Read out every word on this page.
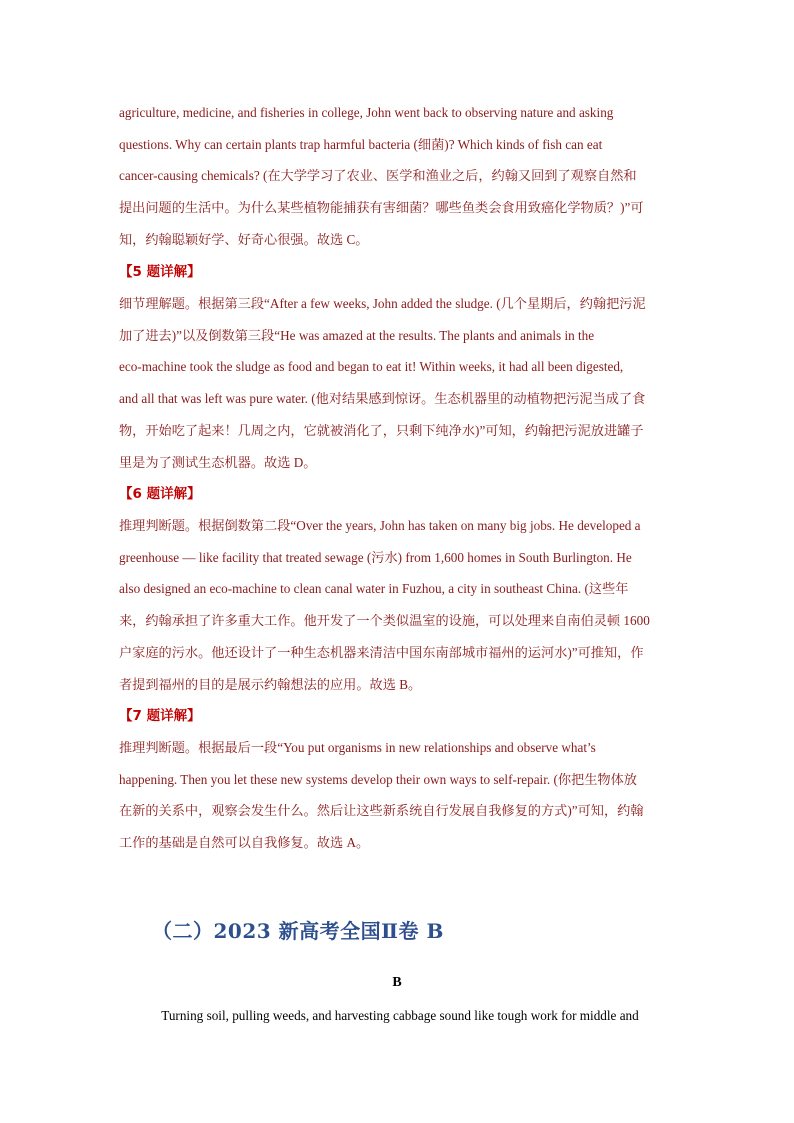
agriculture, medicine, and fisheries in college, John went back to observing nature and asking

questions. Why can certain plants trap harmful bacteria (细菌)? Which kinds of fish can eat

cancer-causing chemicals? (在大学学习了农业、医学和渔业之后，约翰又回到了观察自然和

提出问题的生活中。为什么某些植物能捕获有害细菌？哪些鱼类会食用致癌化学物质？)”可

知，约翰聪颖好学、好奇心很强。故选 C。

【5 题详解】

细节理解题。根据第三段“After a few weeks, John added the sludge. (几个星期后，约翰把污泥

加了进去)”以及倒数第三段“He was amazed at the results. The plants and animals in the

eco-machine took the sludge as food and began to eat it! Within weeks, it had all been digested,

and all that was left was pure water. (他对结果感到惊讶。生态机器里的动植物把污泥当成了食

物，开始吃了起来！几周之内，它就被消化了，只剩下纯净水)”可知，约翰把污泥放进罐子

里是为了测试生态机器。故选 D。

【6 题详解】

推理判断题。根据倒数第二段“Over the years, John has taken on many big jobs. He developed a

greenhouse — like facility that treated sewage (污水) from 1,600 homes in South Burlington. He

also designed an eco-machine to clean canal water in Fuzhou, a city in southeast China. (这些年

来，约翰承担了许多重大工作。他开发了一个类似温室的设施，可以处理来自南伯灵顿 1600

户家庭的污水。他还设计了一种生态机器来清洁中国东南部城市福州的运河水)”可推知，作

者提到福州的目的是展示约翰想法的应用。故选 B。

【7 题详解】

推理判断题。根据最后一段“You put organisms in new relationships and observe what’s

happening. Then you let these new systems develop their own ways to self-repair. (你把生物体放

在新的关系中，观察会发生什么。然后让这些新系统自行发展自我修复的方式)”可知，约翰

工作的基础是自然可以自我修复。故选 A。

（二）2023 新高考全国Ⅱ卷 B
B
Turning soil, pulling weeds, and harvesting cabbage sound like tough work for middle and
